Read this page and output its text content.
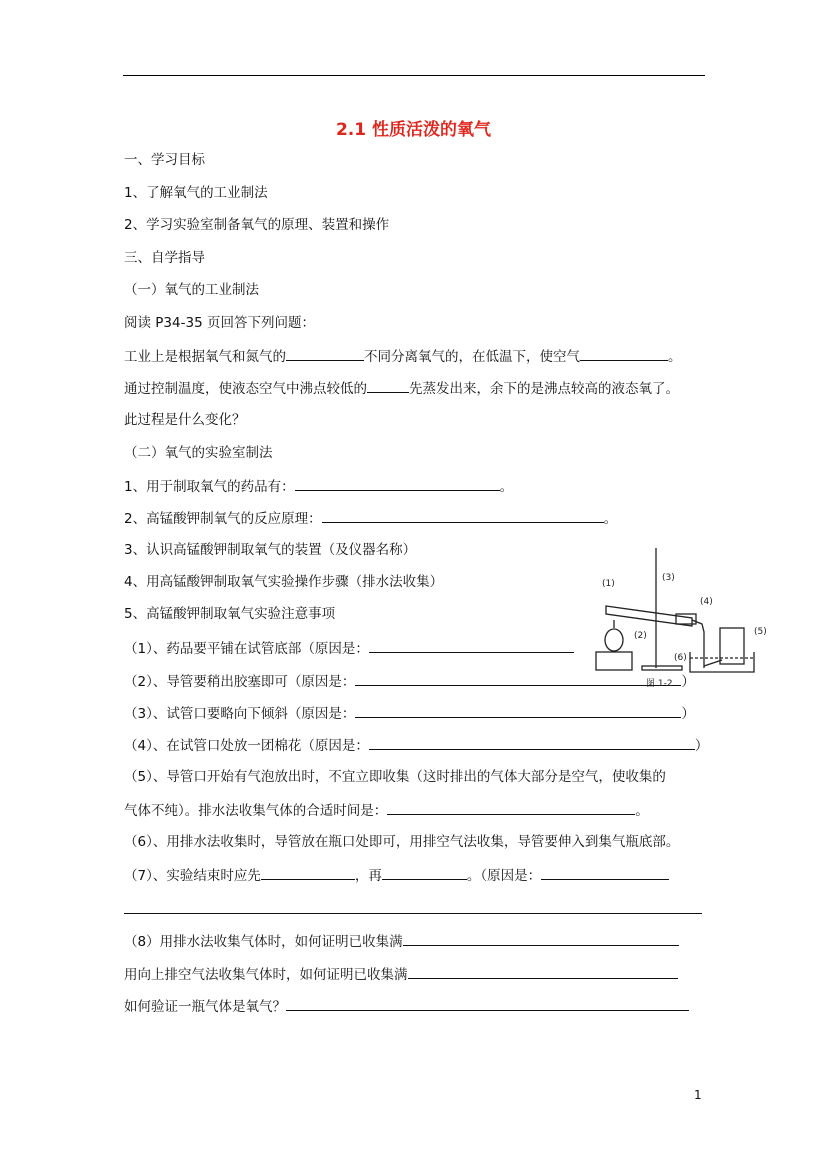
2.1 性质活泼的氧气
一、学习目标
1、了解氧气的工业制法
2、学习实验室制备氧气的原理、装置和操作
三、自学指导
（一）氧气的工业制法
阅读 P34-35 页回答下列问题：
工业上是根据氧气和氮气的	不同分离氧气的，在低温下，使空气	。
通过控制温度，使液态空气中沸点较低的	先蒸发出来，余下的是沸点较高的液态氧了。
此过程是什么变化？
（二）氧气的实验室制法
1、用于制取氧气的药品有：	。
2、高锰酸钾制氧气的反应原理：	。
3、认识高锰酸钾制取氧气的装置（及仪器名称）
4、用高锰酸钾制取氧气实验操作步骤（排水法收集）
5、高锰酸钾制取氧气实验注意事项
（1）、药品要平铺在试管底部（原因是：
（2）、导管要稍出胶塞即可（原因是：	）
（3）、试管口要略向下倾斜（原因是：	）
（4）、在试管口处放一团棉花（原因是：	）
（5）、导管口开始有气泡放出时，不宜立即收集（这时排出的气体大部分是空气，使收集的
气体不纯）。排水法收集气体的合适时间是：	。
（6）、用排水法收集时，导管放在瓶口处即可，用排空气法收集，导管要伸入到集气瓶底部。
（7）、实验结束时应先	，再	。（原因是：
（8）用排水法收集气体时，如何证明已收集满
用向上排空气法收集气体时，如何证明已收集满
如何验证一瓶气体是氧气？
(1)
(2)
(3)
(4)
(5)
(6)
图 1-2
1
